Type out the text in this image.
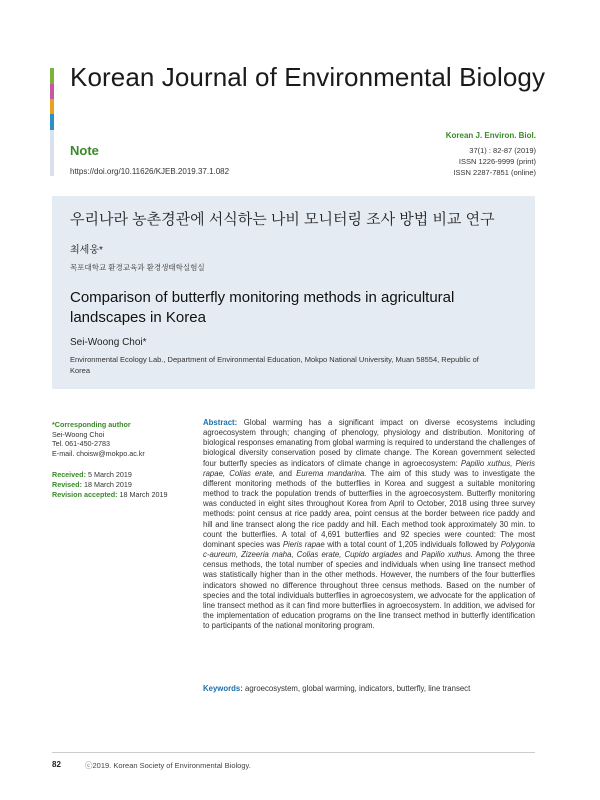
Korean Journal of Environmental Biology
Note
https://doi.org/10.11626/KJEB.2019.37.1.082
Korean J. Environ. Biol.
37(1) : 82-87 (2019)
ISSN 1226-9999 (print)
ISSN 2287-7851 (online)
우리나라 농촌경관에 서식하는 나비 모니터링 조사 방법 비교 연구
최세웅*
목포대학교 환경교육과 환경생태학실험실
Comparison of butterfly monitoring methods in agricultural landscapes in Korea
Sei-Woong Choi*
Environmental Ecology Lab., Department of Environmental Education, Mokpo National University, Muan 58554, Republic of Korea
*Corresponding author
Sei-Woong Choi
Tel. 061-450-2783
E-mail. choisw@mokpo.ac.kr
Received: 5 March 2019
Revised: 18 March 2019
Revision accepted: 18 March 2019
Abstract: Global warming has a significant impact on diverse ecosystems including agroecosystem through; changing of phenology, physiology and distribution. Monitoring of biological responses emanating from global warming is required to understand the challenges of biological diversity conservation posed by climate change. The Korean government selected four butterfly species as indicators of climate change in agroecosystem: Papilio xuthus, Pieris rapae, Colias erate, and Eurema mandarina. The aim of this study was to investigate the different monitoring methods of the butterflies in Korea and suggest a suitable monitoring method to track the population trends of butterflies in the agroecosystem. Butterfly monitoring was conducted in eight sites throughout Korea from April to October, 2018 using three survey methods: point census at rice paddy area, point census at the border between rice paddy and hill and line transect along the rice paddy and hill. Each method took approximately 30 min. to count the butterflies. A total of 4,691 butterflies and 92 species were counted: The most dominant species was Pieris rapae with a total count of 1,205 individuals followed by Polygonia c-aureum, Zizeeria maha, Colias erate, Cupido argiades and Papilio xuthus. Among the three census methods, the total number of species and individuals when using line transect method was statistically higher than in the other methods. However, the numbers of the four butterflies indicators showed no difference throughout three census methods. Based on the number of species and the total individuals butterflies in agroecosystem, we advocate for the application of line transect method as it can find more butterflies in agroecosystem. In addition, we advised for the implementation of education programs on the line transect method in butterfly identification to participants of the national monitoring program.
Keywords: agroecosystem, global warming, indicators, butterfly, line transect
82	ⓒ2019. Korean Society of Environmental Biology.
